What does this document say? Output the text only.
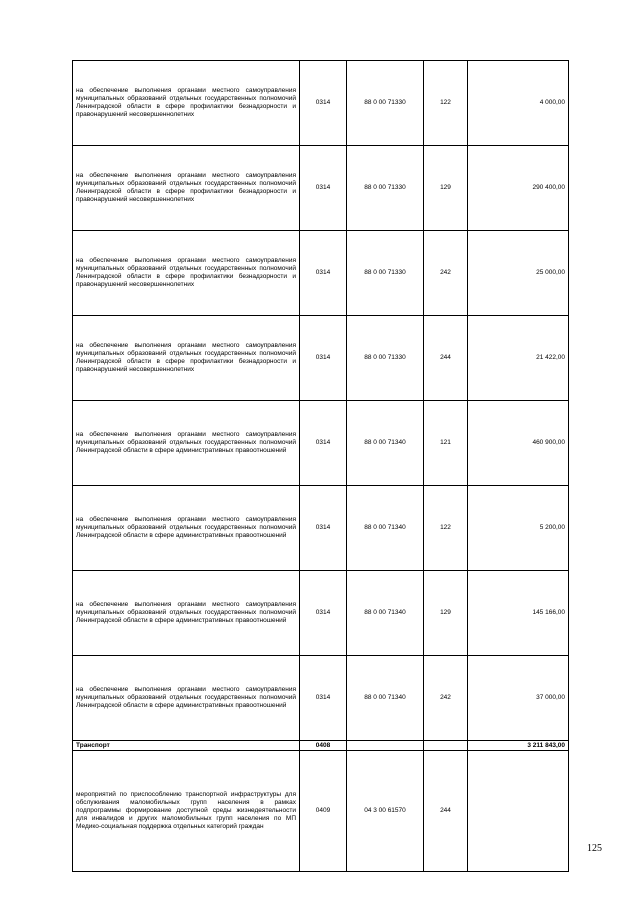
на обеспечение выполнения органами местного самоуправления муниципальных образований отдельных государственных полномочий Ленинградской области в сфере профилактики безнадзорности и правонарушений несовершеннолетних	0314	88 0 00 71330	122	4 000,00
на обеспечение выполнения органами местного самоуправления муниципальных образований отдельных государственных полномочий Ленинградской области в сфере профилактики безнадзорности и правонарушений несовершеннолетних	0314	88 0 00 71330	129	290 400,00
на обеспечение выполнения органами местного самоуправления муниципальных образований отдельных государственных полномочий Ленинградской области в сфере профилактики безнадзорности и правонарушений несовершеннолетних	0314	88 0 00 71330	242	25 000,00
на обеспечение выполнения органами местного самоуправления муниципальных образований отдельных государственных полномочий Ленинградской области в сфере профилактики безнадзорности и правонарушений несовершеннолетних	0314	88 0 00 71330	244	21 422,00
на обеспечение выполнения органами местного самоуправления муниципальных образований отдельных государственных полномочий Ленинградской области в сфере административных правоотношений	0314	88 0 00 71340	121	460 900,00
на обеспечение выполнения органами местного самоуправления муниципальных образований отдельных государственных полномочий Ленинградской области в сфере административных правоотношений	0314	88 0 00 71340	122	5 200,00
на обеспечение выполнения органами местного самоуправления муниципальных образований отдельных государственных полномочий Ленинградской области в сфере административных правоотношений	0314	88 0 00 71340	129	145 166,00
на обеспечение выполнения органами местного самоуправления муниципальных образований отдельных государственных полномочий Ленинградской области в сфере административных правоотношений	0314	88 0 00 71340	242	37 000,00
Транспорт	0408			3 211 843,00
мероприятий по приспособлению транспортной инфраструктуры для обслуживания маломобильных групп населения в рамках подпрограммы формирование доступной среды жизнедеятельности для инвалидов и других маломобильных групп населения по МП Медико-социальная поддержка отдельных категорий граждан	0409	04 3 00 61570	244	
125
